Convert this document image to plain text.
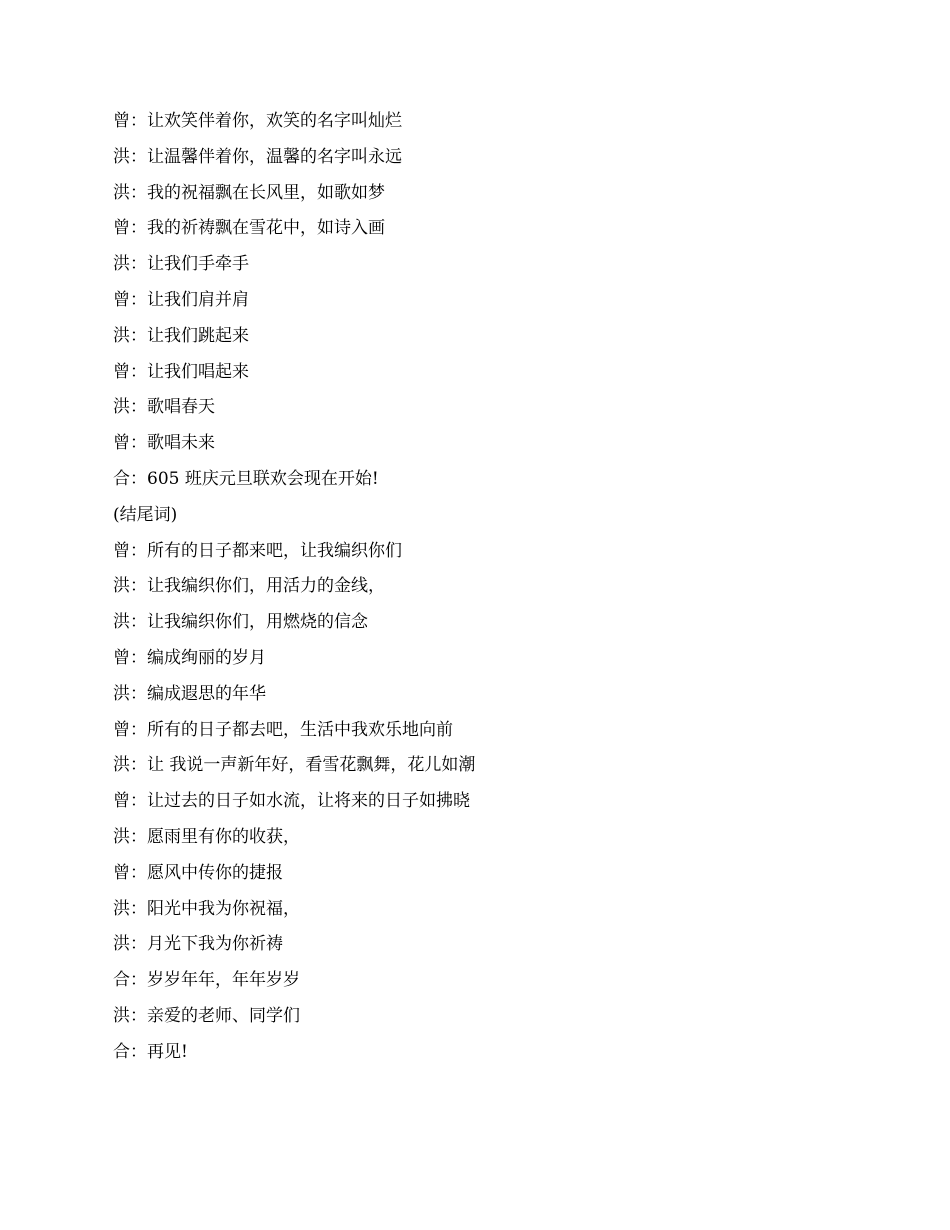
曾：让欢笑伴着你，欢笑的名字叫灿烂
洪：让温馨伴着你，温馨的名字叫永远
洪：我的祝福飘在长风里，如歌如梦
曾：我的祈祷飘在雪花中，如诗入画
洪：让我们手牵手
曾：让我们肩并肩
洪：让我们跳起来
曾：让我们唱起来
洪：歌唱春天
曾：歌唱未来
合：605 班庆元旦联欢会现在开始!
(结尾词)
曾：所有的日子都来吧，让我编织你们
洪：让我编织你们，用活力的金线，
洪：让我编织你们，用燃烧的信念
曾：编成绚丽的岁月
洪：编成遐思的年华
曾：所有的日子都去吧，生活中我欢乐地向前
洪：让 我说一声新年好，看雪花飘舞，花儿如潮
曾：让过去的日子如水流，让将来的日子如拂晓
洪：愿雨里有你的收获，
曾：愿风中传你的捷报
洪：阳光中我为你祝福，
洪：月光下我为你祈祷
合：岁岁年年，年年岁岁
洪：亲爱的老师、同学们
合：再见!
